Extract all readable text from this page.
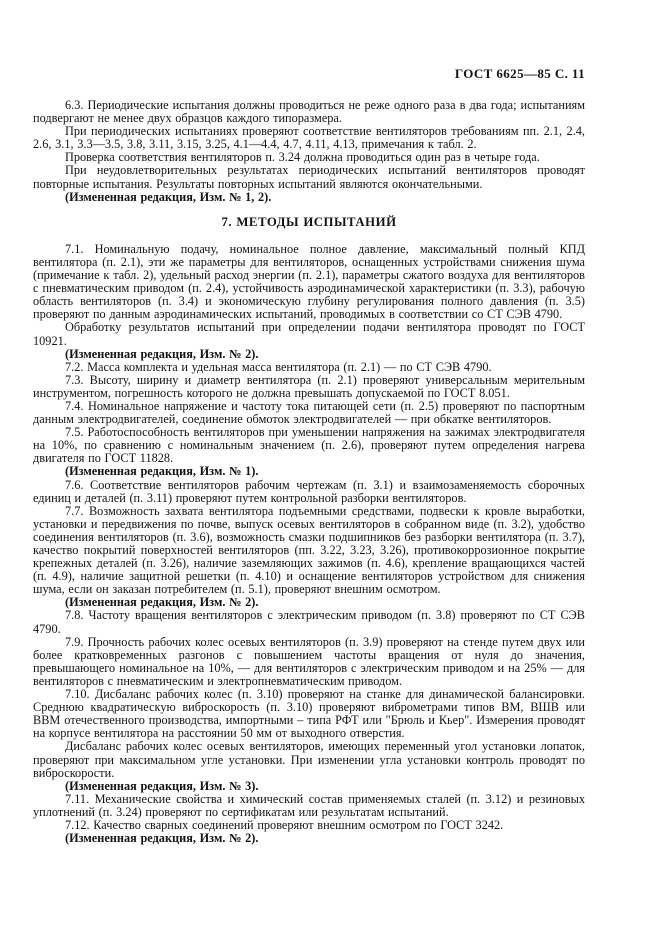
ГОСТ 6625—85 С. 11

6.3. Периодические испытания должны проводиться не реже одного раза в два года; испытаниям подвергают не менее двух образцов каждого типоразмера.

При периодических испытаниях проверяют соответствие вентиляторов требованиям пп. 2.1, 2.4, 2.6, 3.1, 3.3—3.5, 3.8, 3.11, 3.15, 3.25, 4.1—4.4, 4.7, 4.11, 4.13, примечания к табл. 2.

Проверка соответствия вентиляторов п. 3.24 должна проводиться один раз в четыре года.

При неудовлетворительных результатах периодических испытаний вентиляторов проводят повторные испытания. Результаты повторных испытаний являются окончательными.

(Измененная редакция, Изм. № 1, 2).

7. МЕТОДЫ ИСПЫТАНИЙ

7.1. Номинальную подачу, номинальное полное давление, максимальный полный КПД вентилятора (п. 2.1), эти же параметры для вентиляторов, оснащенных устройствами снижения шума (примечание к табл. 2), удельный расход энергии (п. 2.1), параметры сжатого воздуха для вентиляторов с пневматическим приводом (п. 2.4), устойчивость аэродинамической характеристики (п. 3.3), рабочую область вентиляторов (п. 3.4) и экономическую глубину регулирования полного давления (п. 3.5) проверяют по данным аэродинамических испытаний, проводимых в соответствии со СТ СЭВ 4790.

Обработку результатов испытаний при определении подачи вентилятора проводят по ГОСТ 10921.

(Измененная редакция, Изм. № 2).

7.2. Масса комплекта и удельная масса вентилятора (п. 2.1) — по СТ СЭВ 4790.

7.3. Высоту, ширину и диаметр вентилятора (п. 2.1) проверяют универсальным мерительным инструментом, погрешность которого не должна превышать допускаемой по ГОСТ 8.051.

7.4. Номинальное напряжение и частоту тока питающей сети (п. 2.5) проверяют по паспортным данным электродвигателей, соединение обмоток электродвигателей — при обкатке вентиляторов.

7.5. Работоспособность вентиляторов при уменьшении напряжения на зажимах электродвигателя на 10%, по сравнению с номинальным значением (п. 2.6), проверяют путем определения нагрева двигателя по ГОСТ 11828.

(Измененная редакция, Изм. № 1).

7.6. Соответствие вентиляторов рабочим чертежам (п. 3.1) и взаимозаменяемость сборочных единиц и деталей (п. 3.11) проверяют путем контрольной разборки вентиляторов.

7.7. Возможность захвата вентилятора подъемными средствами, подвески к кровле выработки, установки и передвижения по почве, выпуск осевых вентиляторов в собранном виде (п. 3.2), удобство соединения вентиляторов (п. 3.6), возможность смазки подшипников без разборки вентилятора (п. 3.7), качество покрытий поверхностей вентиляторов (пп. 3.22, 3.23, 3.26), противокоррозионное покрытие крепежных деталей (п. 3.26), наличие заземляющих зажимов (п. 4.6), крепление вращающихся частей (п. 4.9), наличие защитной решетки (п. 4.10) и оснащение вентиляторов устройством для снижения шума, если он заказан потребителем (п. 5.1), проверяют внешним осмотром.

(Измененная редакция, Изм. № 2).

7.8. Частоту вращения вентиляторов с электрическим приводом (п. 3.8) проверяют по СТ СЭВ 4790.

7.9. Прочность рабочих колес осевых вентиляторов (п. 3.9) проверяют на стенде путем двух или более кратковременных разгонов с повышением частоты вращения от нуля до значения, превышающего номинальное на 10%, — для вентиляторов с электрическим приводом и на 25% — для вентиляторов с пневматическим и электропневматическим приводом.

7.10. Дисбаланс рабочих колес (п. 3.10) проверяют на станке для динамической балансировки. Среднюю квадратическую виброскорость (п. 3.10) проверяют виброметрами типов ВМ, ВШВ или ВВМ отечественного производства, импортными – типа РФТ или "Брюль и Кьер". Измерения проводят на корпусе вентилятора на расстоянии 50 мм от выходного отверстия.

Дисбаланс рабочих колес осевых вентиляторов, имеющих переменный угол установки лопаток, проверяют при максимальном угле установки. При изменении угла установки контроль проводят по виброскорости.

(Измененная редакция, Изм. № 3).

7.11. Механические свойства и химический состав применяемых сталей (п. 3.12) и резиновых уплотнений (п. 3.24) проверяют по сертификатам или результатам испытаний.

7.12. Качество сварных соединений проверяют внешним осмотром по ГОСТ 3242.

(Измененная редакция, Изм. № 2).
